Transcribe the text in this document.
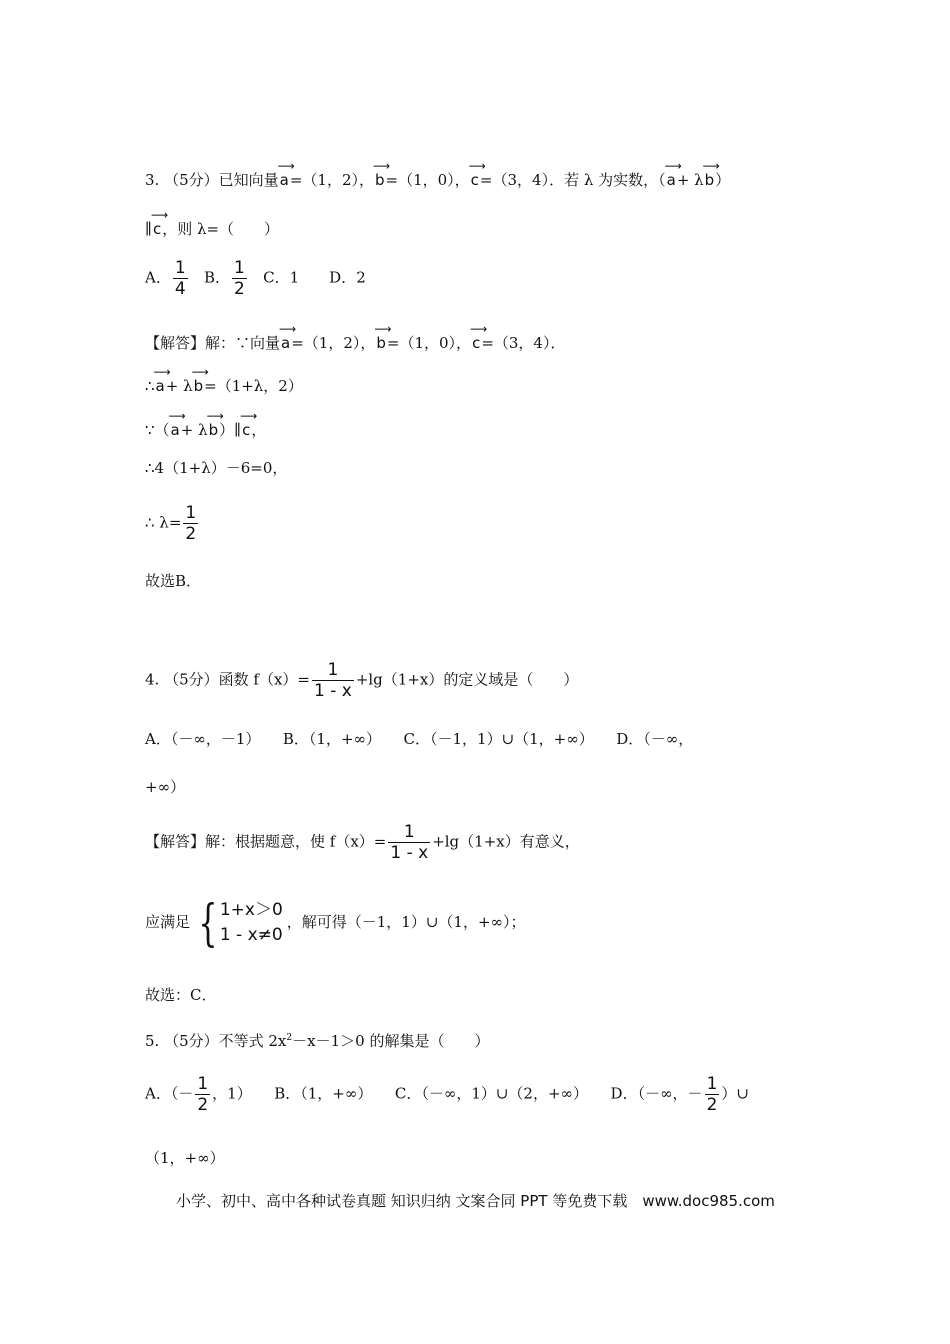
3. （5分）已知向量
⟶
a=（1，2），
⟶
b=（1，0），
⟶
c=（3，4）．若 λ 为实数，（
⟶
a+ λ
⟶
b）
∥
⟶
c，则 λ=（　　）
A． $\frac{1}{4}$ B． $\frac{1}{2}$ C．1　　D．2
【解答】解：∵向量
⟶
a=（1，2），
⟶
b=（1，0），
⟶
c=（3，4）．
∴
⟶
a+ λ
⟶
b=（1+λ，2）
∵（
⟶
a+ λ
⟶
b）∥
⟶
c，
∴4（1+λ）－6=0，
∴ $\lambda= \frac{1}{2}$
故选B．
4. （5分）函数 $f(x)= \frac{1}{1 - x} +\lg(1+x)$的定义域是（　　）
A．（－∞，－1）　　B．（1，+∞）　　C．（－1，1）∪（1，+∞）　　D．（－∞，
+∞）
【解答】解：根据题意，使 $f(x)= \frac{1}{1 - x} +\lg(1+x)$有意义，
应满足 { 1+x＞0
1 - x≠0
，解可得（－1，1）∪（1，+∞）；
故选：C．
5. （5分）不等式 $2x^2-x-1>0$ 的解集是（　　）
A．（－ $\frac{1}{2}$ ，1）　　B．（1，+∞）　　C．（－∞，1）∪（2，+∞）　　D．（－∞，－ $\frac{1}{2}$ ）∪
（1，+∞）
小学、初中、高中各种试卷真题 知识归纳 文案合同 PPT 等免费下载　www.doc985.com
